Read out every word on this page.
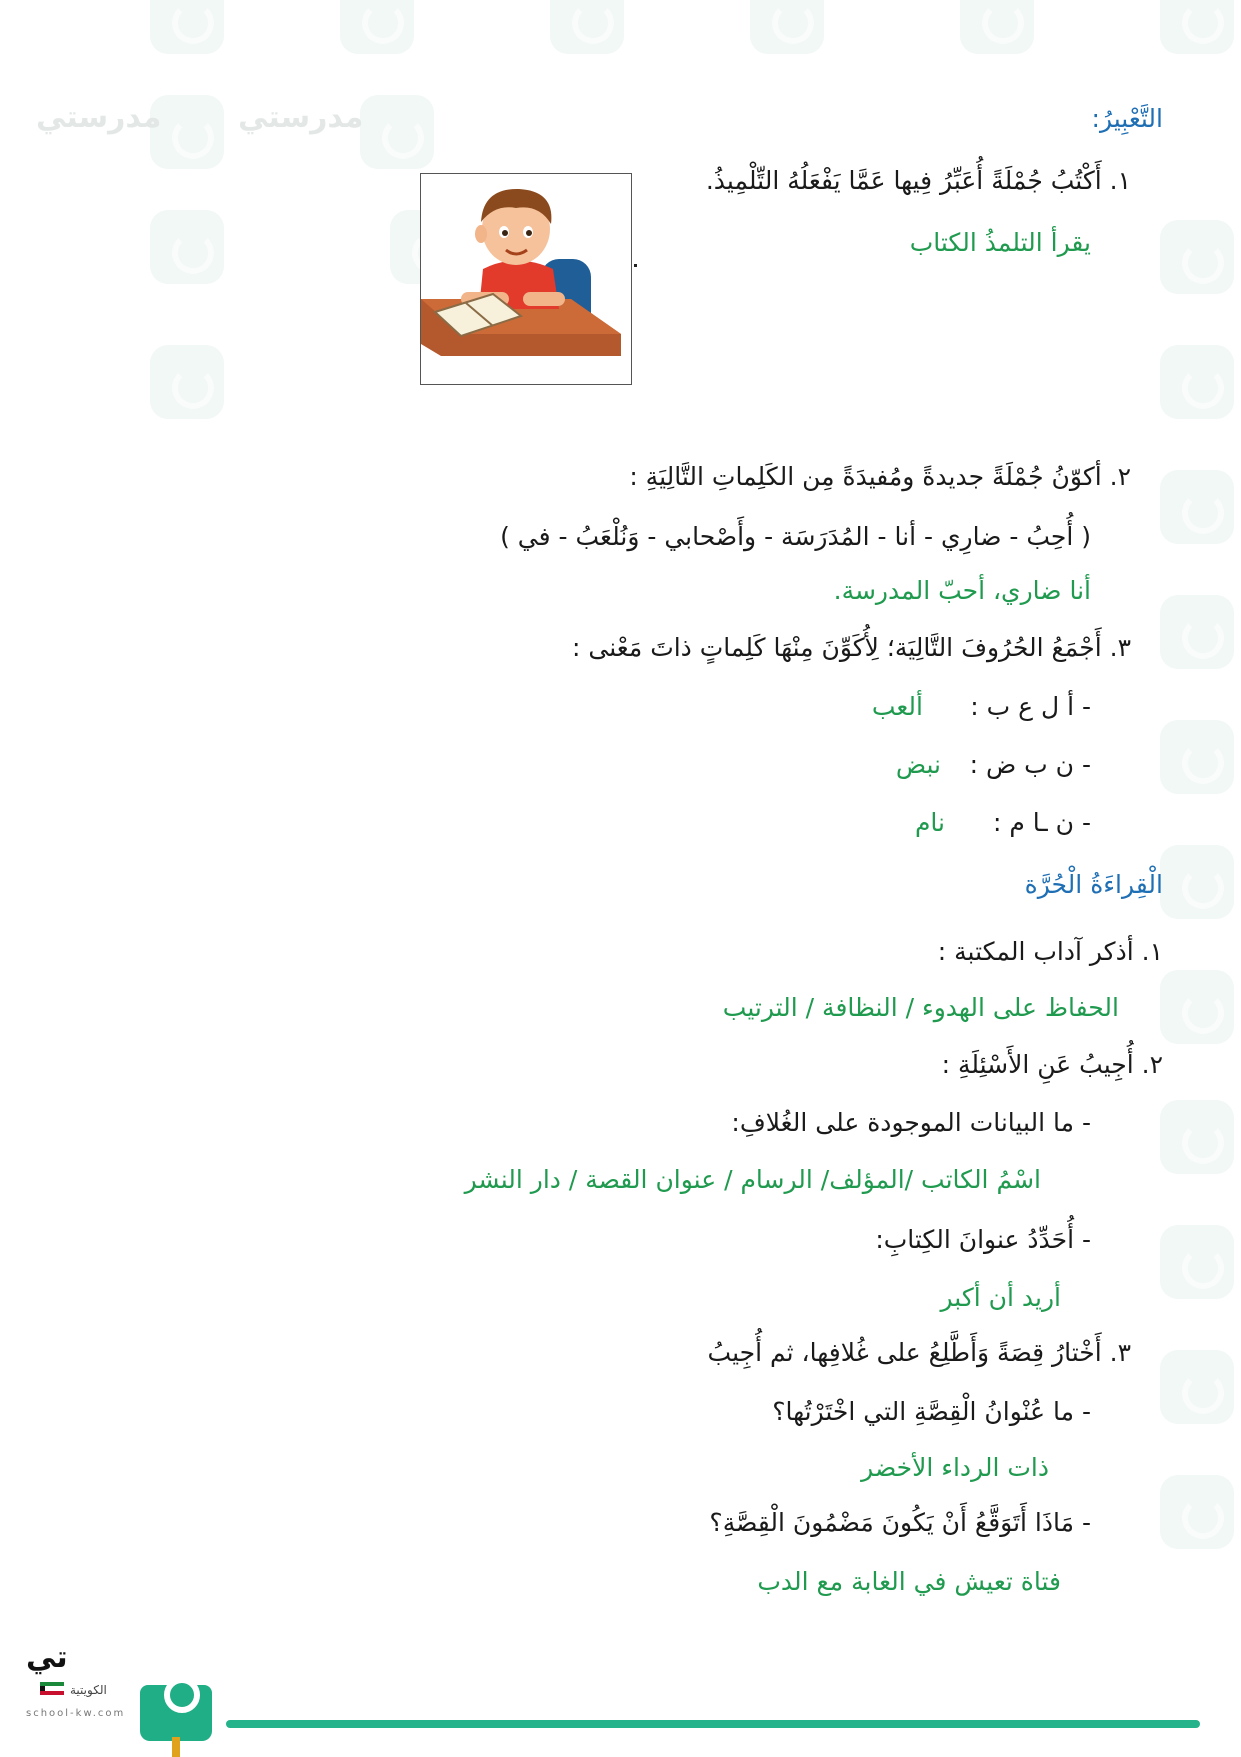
مدرستي	مدرستي	التَّعْبِيرُ:
١. أَكْتُبُ جُمْلَةً أُعَبِّرُ فِيها عَمَّا يَفْعَلُهُ التِّلْمِيذُ.
يقرأ التلمذُ الكتاب
٢. أكوّنُ جُمْلَةً جديدةً ومُفيدَةً مِن الكَلِماتِ التَّالِيَةِ :
( أُحِبُ - ضارِي - أنا - المُدَرَسَة - وأَصْحابي - وَنُلْعَبُ - في )
أنا ضاري، أحبّ المدرسة.
٣. أَجْمَعُ الحُرُوفَ التَّالِيَة؛ لِأُكَوِّنَ مِنْهَا كَلِماتٍ ذاتَ مَعْنى :
- أ ل ع ب :
ألعب
- ن ب ض :
نبض
- ن ـا م :
نام
الْقِراءَةُ الْحُرَّة
١. أذكر آداب المكتبة :
الحفاظ على الهدوء / النظافة / الترتيب
٢. أُجِيبُ عَنِ الأَسْئِلَةِ :
- ما البيانات الموجودة على الغُلافِ:
اسْمُ الكاتب /المؤلف/ الرسام / عنوان القصة / دار النشر
- أُحَدِّدُ عنوانَ الكِتابِ:
أريد أن أكبر
٣. أَخْتارُ قِصَةً وَأَطَّلِعُ على غُلافِها، ثم أُجِيبُ
- ما عُنْوانُ الْقِصَّةِ التي اخْتَرْتُها؟
ذات الرداء الأخضر
- مَاذَا أَتَوَقَّعُ أَنْ يَكُونَ مَضْمُونَ الْقِصَّةِ؟
فتاة تعيش في الغابة مع الدب
تي
الكويتية
school-kw.com
